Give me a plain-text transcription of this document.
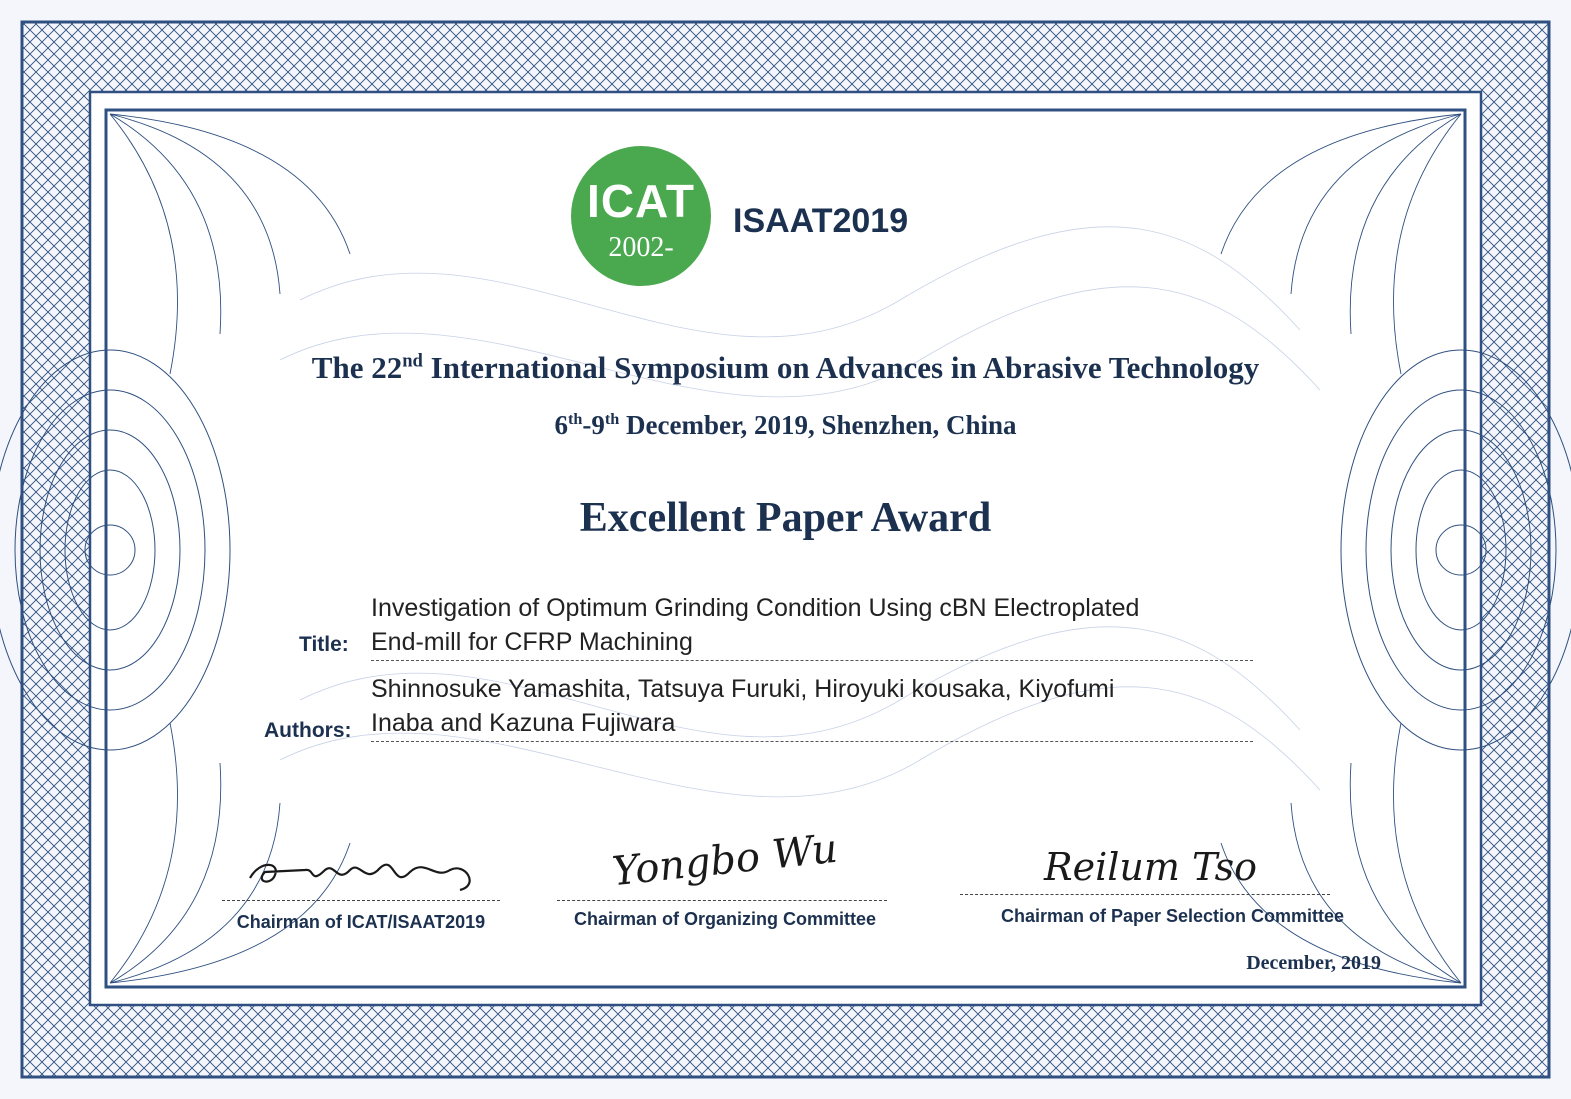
ICAT
2002-
ISAAT2019
The 22nd International Symposium on Advances in Abrasive Technology
6th-9th December, 2019, Shenzhen, China
Excellent Paper Award
Title:
Investigation of Optimum Grinding Condition Using cBN Electroplated
End-mill for CFRP Machining
Authors:
Shinnosuke Yamashita, Tatsuya Furuki, Hiroyuki kousaka, Kiyofumi
Inaba and Kazuna Fujiwara
Chairman of ICAT/ISAAT2019
Yongbo Wu
Chairman of Organizing Committee
Reilum Tso
Chairman of Paper Selection Committee
December, 2019
